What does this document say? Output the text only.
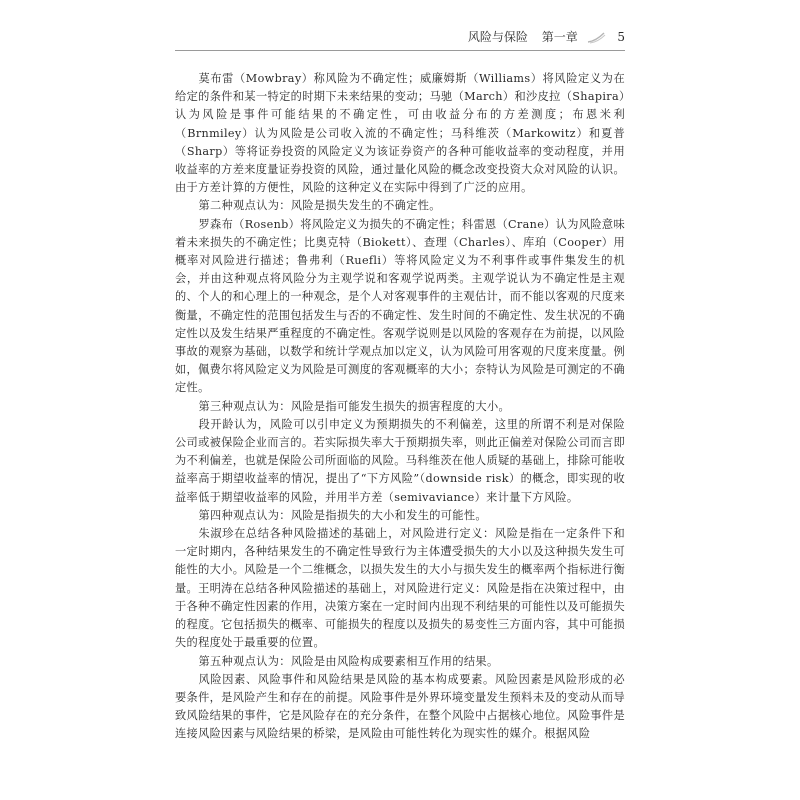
风险与保险 第一章	5

莫布雷（Mowbray）称风险为不确定性；威廉姆斯（Williams）将风险定义为在给定的条件和某一特定的时期下未来结果的变动；马驰（March）和沙皮拉（Shapira）认为风险是事件可能结果的不确定性，可由收益分布的方差测度；布恩米利（Brnmiley）认为风险是公司收入流的不确定性；马科维茨（Markowitz）和夏普（Sharp）等将证券投资的风险定义为该证券资产的各种可能收益率的变动程度，并用收益率的方差来度量证券投资的风险，通过量化风险的概念改变投资大众对风险的认识。由于方差计算的方便性，风险的这种定义在实际中得到了广泛的应用。

第二种观点认为：风险是损失发生的不确定性。

罗森布（Rosenb）将风险定义为损失的不确定性；科雷恩（Crane）认为风险意味着未来损失的不确定性；比奥克特（Biokett）、查理（Charles）、库珀（Cooper）用概率对风险进行描述；鲁弗利（Ruefli）等将风险定义为不利事件或事件集发生的机会，并由这种观点将风险分为主观学说和客观学说两类。主观学说认为不确定性是主观的、个人的和心理上的一种观念，是个人对客观事件的主观估计，而不能以客观的尺度来衡量，不确定性的范围包括发生与否的不确定性、发生时间的不确定性、发生状况的不确定性以及发生结果严重程度的不确定性。客观学说则是以风险的客观存在为前提，以风险事故的观察为基础，以数学和统计学观点加以定义，认为风险可用客观的尺度来度量。例如，佩费尔将风险定义为风险是可测度的客观概率的大小；奈特认为风险是可测定的不确定性。

第三种观点认为：风险是指可能发生损失的损害程度的大小。

段开龄认为，风险可以引申定义为预期损失的不利偏差，这里的所谓不利是对保险公司或被保险企业而言的。若实际损失率大于预期损失率，则此正偏差对保险公司而言即为不利偏差，也就是保险公司所面临的风险。马科维茨在他人质疑的基础上，排除可能收益率高于期望收益率的情况，提出了“下方风险”（downside risk）的概念，即实现的收益率低于期望收益率的风险，并用半方差（semivaviance）来计量下方风险。

第四种观点认为：风险是指损失的大小和发生的可能性。

朱淑珍在总结各种风险描述的基础上，对风险进行定义：风险是指在一定条件下和一定时期内，各种结果发生的不确定性导致行为主体遭受损失的大小以及这种损失发生可能性的大小。风险是一个二维概念，以损失发生的大小与损失发生的概率两个指标进行衡量。王明涛在总结各种风险描述的基础上，对风险进行定义：风险是指在决策过程中，由于各种不确定性因素的作用，决策方案在一定时间内出现不利结果的可能性以及可能损失的程度。它包括损失的概率、可能损失的程度以及损失的易变性三方面内容，其中可能损失的程度处于最重要的位置。

第五种观点认为：风险是由风险构成要素相互作用的结果。

风险因素、风险事件和风险结果是风险的基本构成要素。风险因素是风险形成的必要条件，是风险产生和存在的前提。风险事件是外界环境变量发生预料未及的变动从而导致风险结果的事件，它是风险存在的充分条件，在整个风险中占据核心地位。风险事件是连接风险因素与风险结果的桥梁，是风险由可能性转化为现实性的媒介。根据风险
